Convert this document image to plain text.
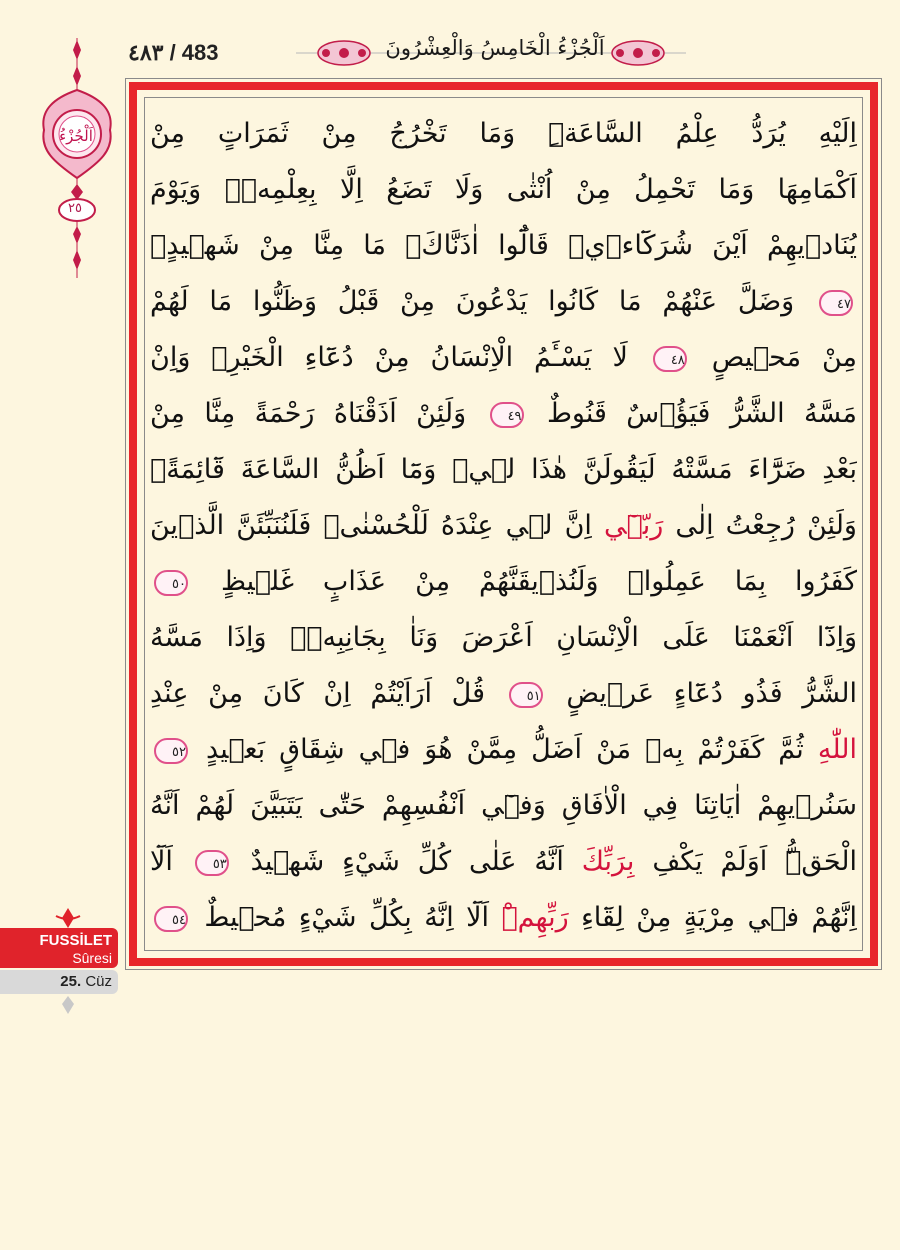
٤٨٣ / 483	اَلْجُزْءُ الْخَامِسُ وَالْعِشْرُونَ
اَلْجُزْءُ
٢٥
اِلَيْهِ يُرَدُّ عِلْمُ السَّاعَةِۜ وَمَا تَخْرُجُ مِنْ ثَمَرَاتٍ مِنْ
اَكْمَامِهَا وَمَا تَحْمِلُ مِنْ اُنْثٰى وَلَا تَضَعُ اِلَّا بِعِلْمِهٖۜ وَيَوْمَ
يُنَادٖيهِمْ اَيْنَ شُرَكَٓاءٖيۙ قَالُٓوا اٰذَنَّاكَۙ مَا مِنَّا مِنْ شَهٖيدٍۚ
٤٧ وَضَلَّ عَنْهُمْ مَا كَانُوا يَدْعُونَ مِنْ قَبْلُ وَظَنُّوا مَا لَهُمْ
مِنْ مَحٖيصٍ ٤٨ لَا يَسْـَٔمُ الْاِنْسَانُ مِنْ دُعَٓاءِ الْخَيْرِۘ وَاِنْ
مَسَّهُ الشَّرُّ فَيَؤُ۫سٌ قَنُوطٌ ٤٩ وَلَئِنْ اَذَقْنَاهُ رَحْمَةً مِنَّا مِنْ
بَعْدِ ضَرَّٓاءَ مَسَّتْهُ لَيَقُولَنَّ هٰذَا لٖيۙ وَمَٓا اَظُنُّ السَّاعَةَ قَٓائِمَةًۙ
وَلَئِنْ رُجِعْتُ اِلٰى رَبّٖٓي اِنَّ لٖي عِنْدَهُ لَلْحُسْنٰىۚ فَلَنُنَبِّئَنَّ الَّذٖينَ
كَفَرُوا بِمَا عَمِلُواۘ وَلَنُذٖيقَنَّهُمْ مِنْ عَذَابٍ غَلٖيظٍ ٥٠
وَاِذَٓا اَنْعَمْنَا عَلَى الْاِنْسَانِ اَعْرَضَ وَنَاٰ بِجَانِبِهٖۚ وَاِذَا مَسَّهُ
الشَّرُّ فَذُو دُعَٓاءٍ عَرٖيضٍ ٥١ قُلْ اَرَاَيْتُمْ اِنْ كَانَ مِنْ عِنْدِ
اللّٰهِ ثُمَّ كَفَرْتُمْ بِهٖ مَنْ اَضَلُّ مِمَّنْ هُوَ فٖي شِقَاقٍ بَعٖيدٍ ٥٢
سَنُرٖيهِمْ اٰيَاتِنَا فِي الْاٰفَاقِ وَفٖٓي اَنْفُسِهِمْ حَتّٰى يَتَبَيَّنَ لَهُمْ اَنَّهُ
الْحَقُّۜ اَوَلَمْ يَكْفِ بِرَبِّكَ اَنَّهُ عَلٰى كُلِّ شَيْءٍ شَهٖيدٌ ٥٣ اَلَٓا
اِنَّهُمْ فٖي مِرْيَةٍ مِنْ لِقَٓاءِ رَبِّهِمْۜ اَلَٓا اِنَّهُ بِكُلِّ شَيْءٍ مُحٖيطٌ ٥٤
FUSSİLET
Sûresi
25. Cüz
